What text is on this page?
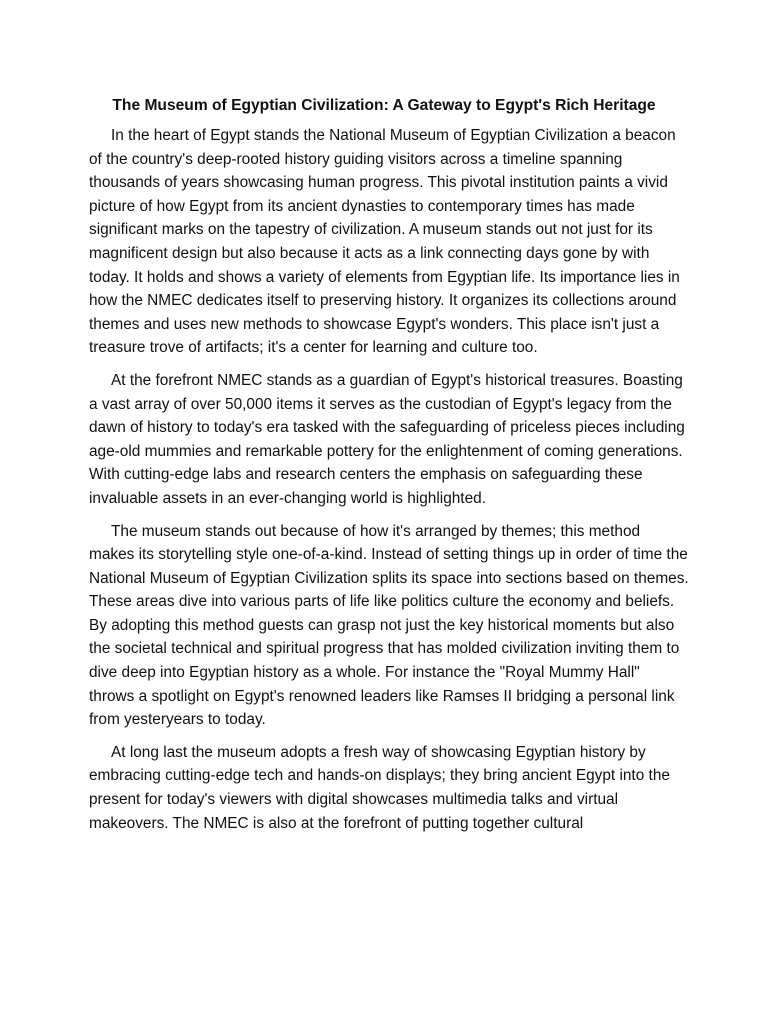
The Museum of Egyptian Civilization: A Gateway to Egypt's Rich Heritage

In the heart of Egypt stands the National Museum of Egyptian Civilization a beacon of the country's deep-rooted history guiding visitors across a timeline spanning thousands of years showcasing human progress. This pivotal institution paints a vivid picture of how Egypt from its ancient dynasties to contemporary times has made significant marks on the tapestry of civilization. A museum stands out not just for its magnificent design but also because it acts as a link connecting days gone by with today. It holds and shows a variety of elements from Egyptian life. Its importance lies in how the NMEC dedicates itself to preserving history. It organizes its collections around themes and uses new methods to showcase Egypt's wonders. This place isn't just a treasure trove of artifacts; it's a center for learning and culture too.

At the forefront NMEC stands as a guardian of Egypt's historical treasures. Boasting a vast array of over 50,000 items it serves as the custodian of Egypt's legacy from the dawn of history to today's era tasked with the safeguarding of priceless pieces including age-old mummies and remarkable pottery for the enlightenment of coming generations. With cutting-edge labs and research centers the emphasis on safeguarding these invaluable assets in an ever-changing world is highlighted.

The museum stands out because of how it's arranged by themes; this method makes its storytelling style one-of-a-kind. Instead of setting things up in order of time the National Museum of Egyptian Civilization splits its space into sections based on themes. These areas dive into various parts of life like politics culture the economy and beliefs. By adopting this method guests can grasp not just the key historical moments but also the societal technical and spiritual progress that has molded civilization inviting them to dive deep into Egyptian history as a whole. For instance the "Royal Mummy Hall" throws a spotlight on Egypt's renowned leaders like Ramses II bridging a personal link from yesteryears to today.

At long last the museum adopts a fresh way of showcasing Egyptian history by embracing cutting-edge tech and hands-on displays; they bring ancient Egypt into the present for today's viewers with digital showcases multimedia talks and virtual makeovers. The NMEC is also at the forefront of putting together cultural
